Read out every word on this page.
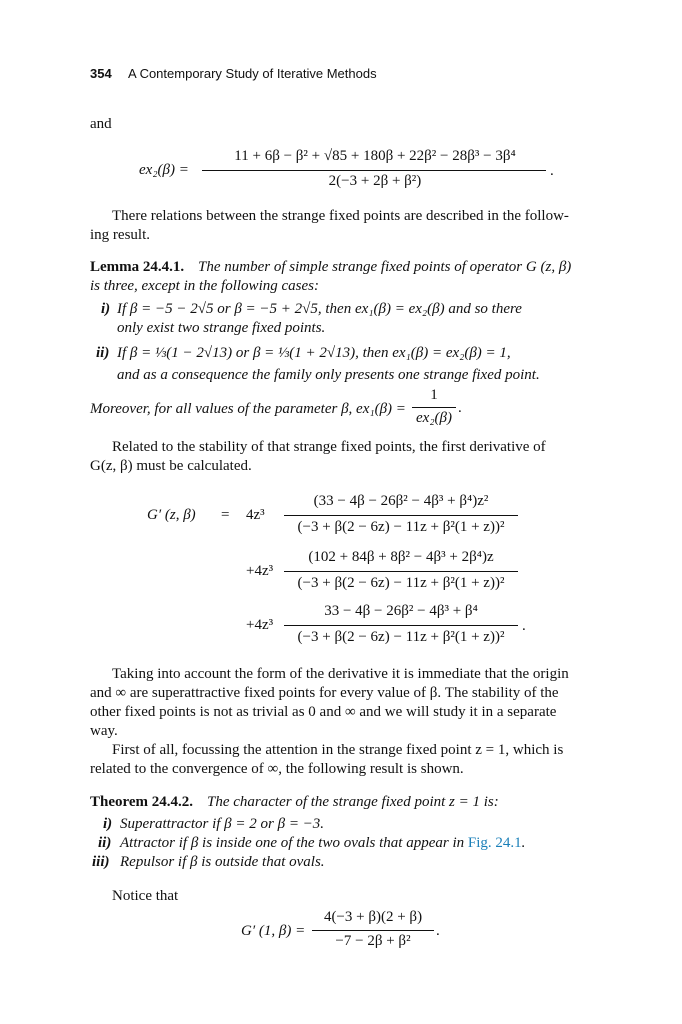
354 A Contemporary Study of Iterative Methods
and
ex₂(β) =
11 + 6β − β² + √85 + 180β + 22β² − 28β³ − 3β⁴
2(−3 + 2β + β²)
.
There relations between the strange fixed points are described in the follow-
ing result.
Lemma 24.4.1. The number of simple strange fixed points of operator G (z, β)
is three, except in the following cases:
i) If β = −5 − 2√5 or β = −5 + 2√5, then ex₁(β) = ex₂(β) and so there
only exist two strange fixed points.
ii) If β = ⅓(1 − 2√13) or β = ⅓(1 + 2√13), then ex₁(β) = ex₂(β) = 1,
and as a consequence the family only presents one strange fixed point.
Moreover, for all values of the parameter β, ex₁(β) =
1
ex₂(β)
.
Related to the stability of that strange fixed points, the first derivative of
G(z, β) must be calculated.
G′ (z, β) = 4z³
(33 − 4β − 26β² − 4β³ + β⁴)z²
(−3 + β(2 − 6z) − 11z + β²(1 + z))²
+4z³
(102 + 84β + 8β² − 4β³ + 2β⁴)z
(−3 + β(2 − 6z) − 11z + β²(1 + z))²
+4z³
33 − 4β − 26β² − 4β³ + β⁴
(−3 + β(2 − 6z) − 11z + β²(1 + z))²
.
Taking into account the form of the derivative it is immediate that the origin
and ∞ are superattractive fixed points for every value of β. The stability of the
other fixed points is not as trivial as 0 and ∞ and we will study it in a separate
way.
First of all, focussing the attention in the strange fixed point z = 1, which is
related to the convergence of ∞, the following result is shown.
Theorem 24.4.2. The character of the strange fixed point z = 1 is:
i) Superattractor if β = 2 or β = −3.
ii) Attractor if β is inside one of the two ovals that appear in Fig. 24.1.
iii) Repulsor if β is outside that ovals.
Notice that
G′ (1, β) =
4(−3 + β)(2 + β)
−7 − 2β + β²
.
